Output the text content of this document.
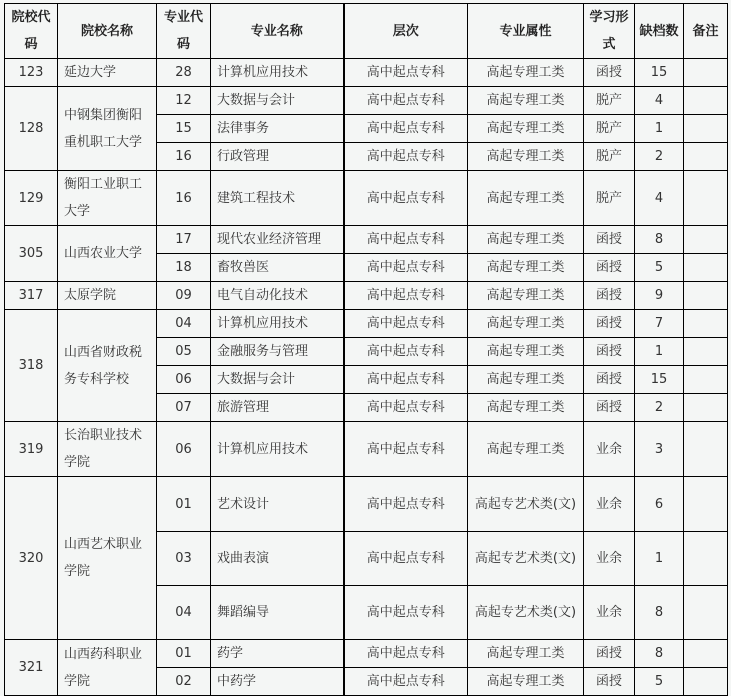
院校代码	院校名称	专业代码	专业名称	层次	专业属性	学习形式	缺档数	备注
123	延边大学	28	计算机应用技术	高中起点专科	高起专理工类	函授	15	
128	中钢集团衡阳重机职工大学	12	大数据与会计	高中起点专科	高起专理工类	脱产	4	
		15	法律事务	高中起点专科	高起专理工类	脱产	1	
		16	行政管理	高中起点专科	高起专理工类	脱产	2	
129	衡阳工业职工大学	16	建筑工程技术	高中起点专科	高起专理工类	脱产	4	
305	山西农业大学	17	现代农业经济管理	高中起点专科	高起专理工类	函授	8	
		18	畜牧兽医	高中起点专科	高起专理工类	函授	5	
317	太原学院	09	电气自动化技术	高中起点专科	高起专理工类	函授	9	
318	山西省财政税务专科学校	04	计算机应用技术	高中起点专科	高起专理工类	函授	7	
		05	金融服务与管理	高中起点专科	高起专理工类	函授	1	
		06	大数据与会计	高中起点专科	高起专理工类	函授	15	
		07	旅游管理	高中起点专科	高起专理工类	函授	2	
319	长治职业技术学院	06	计算机应用技术	高中起点专科	高起专理工类	业余	3	
320	山西艺术职业学院	01	艺术设计	高中起点专科	高起专艺术类(文)	业余	6	
		03	戏曲表演	高中起点专科	高起专艺术类(文)	业余	1	
		04	舞蹈编导	高中起点专科	高起专艺术类(文)	业余	8	
321	山西药科职业学院	01	药学	高中起点专科	高起专理工类	函授	8	
		02	中药学	高中起点专科	高起专理工类	函授	5	
